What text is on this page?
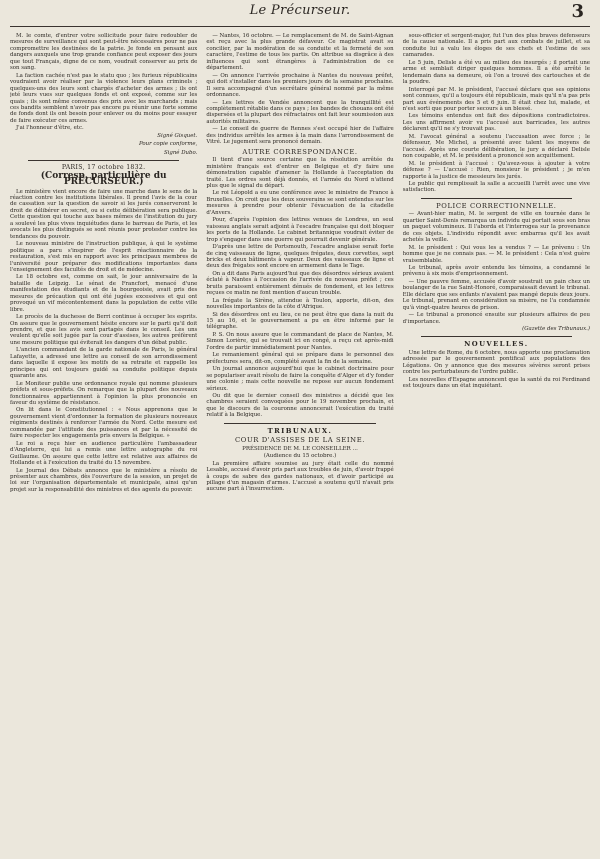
Le Précurseur.	3

M. le comte, d'entrer votre sollicitude pour faire redoubler de mesures de surveillance qui sont peut-être nécessaires pour ne pas compromettre les destinées de la patrie. Je fonde en pensant aux dangers auxquels une trop grande confiance peut exposer des jours que tout Français, digne de ce nom, voudrait conserver au prix de son sang.

La faction cachée n'est pas le statu quo ; les furieux républicains voudraient avoir réaliser par la violence leurs plans criminels ; quelques-uns des leurs sont chargés d'acheter des armes ; ils ont jeté leurs vues sur quelques fonds et ont exposé, comme sur les quais ; ils sont même convenus des prix avec les marchands ; mais ces bandits semblent n'avoir pas encore pu réunir une forte somme de fonds dont ils ont besoin pour enlever ou du moins pour essayer de faire exécuter ces armes.

J'ai l'honneur d'être, etc.

Signé Gisquet.
Pour copie conforme,
Signé Dubo.
PARIS, 17 octobre 1832.
(Corresp. particulière du PRÉCURSEUR.)

Le ministère vient encore de faire une marche dans le sens de la réaction contre les institutions libérales. Il prend l'avis de la cour de cassation sur la question de savoir si les jurés conserveront le droit de délibérer en secret, ou si cette délibération sera publique. Cette question qui touche aux bases mêmes de l'institution du jury a soulevé les plus vives inquiétudes dans le barreau de Paris, et les avocats les plus distingués se sont réunis pour protester contre les tendances du pouvoir.

Le nouveau ministre de l'instruction publique, à qui le système politique a paru s'inspirer de l'esprit réactionnaire de la restauration, s'est mis en rapport avec les principaux membres de l'université pour préparer des modifications importantes dans l'enseignement des facultés de droit et de médecine.

Le 18 octobre est, comme on sait, le jour anniversaire de la bataille de Leipzig. Le sénat de Francfort, menacé d'une manifestation des étudiants et de la bourgeoisie, avait pris des mesures de précaution qui ont été jugées excessives et qui ont provoqué un vif mécontentement dans la population de cette ville libre.

Le procès de la duchesse de Berri continue à occuper les esprits. On assure que le gouvernement hésite encore sur le parti qu'il doit prendre, et que les avis sont partagés dans le conseil. Les uns veulent qu'elle soit jugée par la cour d'assises, les autres préfèrent une mesure politique qui éviterait les dangers d'un débat public.

L'ancien commandant de la garde nationale de Paris, le général Lafayette, a adressé une lettre au conseil de son arrondissement dans laquelle il expose les motifs de sa retraite et rappelle les principes qui ont toujours guidé sa conduite politique depuis quarante ans.

Le Moniteur publie une ordonnance royale qui nomme plusieurs préfets et sous-préfets. On remarque que la plupart des nouveaux fonctionnaires appartiennent à l'opinion la plus prononcée en faveur du système de résistance.

On lit dans le Constitutionnel : « Nous apprenons que le gouvernement vient d'ordonner la formation de plusieurs nouveaux régiments destinés à renforcer l'armée du Nord. Cette mesure est commandée par l'attitude des puissances et par la nécessité de faire respecter les engagements pris envers la Belgique. »

Le roi a reçu hier en audience particulière l'ambassadeur d'Angleterre, qui lui a remis une lettre autographe du roi Guillaume. On assure que cette lettre est relative aux affaires de Hollande et à l'exécution du traité du 15 novembre.

Le Journal des Débats annonce que le ministère a résolu de présenter aux chambres, dès l'ouverture de la session, un projet de loi sur l'organisation départementale et municipale, ainsi qu'un projet sur la responsabilité des ministres et des agents du pouvoir.

— Nantes, 16 octobre. — Le remplacement de M. de Saint-Aignan est reçu avec la plus grande défaveur. Ce magistrat avait su concilier, par la modération de sa conduite et la fermeté de son caractère, l'estime de tous les partis. On attribue sa disgrâce à des influences qui sont étrangères à l'administration de ce département.

— On annonce l'arrivée prochaine à Nantes du nouveau préfet, qui doit s'installer dans les premiers jours de la semaine prochaine. Il sera accompagné d'un secrétaire général nommé par la même ordonnance.

— Les lettres de Vendée annoncent que la tranquillité est complètement rétablie dans ce pays ; les bandes de chouans ont été dispersées et la plupart des réfractaires ont fait leur soumission aux autorités militaires.

— Le conseil de guerre de Rennes s'est occupé hier de l'affaire des individus arrêtés les armes à la main dans l'arrondissement de Vitré. Le jugement sera prononcé demain.

AUTRE CORRESPONDANCE.

Il tient d'une source certaine que la résolution arrêtée du ministère français est d'entrer en Belgique et d'y faire une démonstration capable d'amener la Hollande à l'acceptation du traité. Les ordres sont déjà donnés, et l'armée du Nord n'attend plus que le signal du départ.

Le roi Léopold a eu une conférence avec le ministre de France à Bruxelles. On croit que les deux souverains se sont entendus sur les mesures à prendre pour obtenir l'évacuation de la citadelle d'Anvers.

Pour, d'après l'opinion des lettres venues de Londres, un seul vaisseau anglais serait adjoint à l'escadre française qui doit bloquer les ports de la Hollande. Le cabinet britannique voudrait éviter de trop s'engager dans une guerre qui pourrait devenir générale.

D'après une lettre de Portsmouth, l'escadre anglaise serait forte de cinq vaisseaux de ligne, quelques frégates, deux corvettes, sept bricks et deux bâtiments à vapeur. Deux des vaisseaux de ligne et deux des frégates sont encore en armement dans le Tage.

On a dit dans Paris aujourd'hui que des désordres sérieux avaient éclaté à Nantes à l'occasion de l'arrivée du nouveau préfet ; ces bruits paraissent entièrement dénués de fondement, et les lettres reçues ce matin ne font mention d'aucun trouble.

La frégate la Sirène, attendue à Toulon, apporte, dit-on, des nouvelles importantes de la côte d'Afrique.

Si des désordres ont eu lieu, ce ne peut être que dans la nuit du 15 au 16, et le gouvernement a pu en être informé par le télégraphe.

P. S. On nous assure que le commandant de place de Nantes, M. Simon Lorière, qui se trouvait ici en congé, a reçu cet après-midi l'ordre de partir immédiatement pour Nantes.

Le remaniement général qui se prépare dans le personnel des préfectures sera, dit-on, complété avant la fin de la semaine.

Un journal annonce aujourd'hui que le cabinet doctrinaire pour se populariser avait résolu de faire la conquête d'Alger et d'y fonder une colonie ; mais cette nouvelle ne repose sur aucun fondement sérieux.

Ou dit que le dernier conseil des ministres a décidé que les chambres seraient convoquées pour le 19 novembre prochain, et que le discours de la couronne annoncerait l'exécution du traité relatif à la Belgique.

TRIBUNAUX.
COUR D'ASSISES DE LA SEINE.
PRÉSIDENCE DE M. LE CONSEILLER ...
(Audience du 15 octobre.)

La première affaire soumise au jury était celle du nommé Lesable, accusé d'avoir pris part aux troubles de juin, d'avoir frappé à coups de sabre des gardes nationaux, et d'avoir participé au pillage d'un magasin d'armes. L'accusé a soutenu qu'il n'avait pris aucune part à l'insurrection.

sous-officier et sergent-major, fut l'un des plus braves défenseurs de la cause nationale. Il a pris part aux combats de juillet, et sa conduite lui a valu les éloges de ses chefs et l'estime de ses camarades.

Le 5 juin, Delisle a été vu au milieu des insurgés ; il portait une arme et semblait diriger quelques hommes. Il a été arrêté le lendemain dans sa demeure, où l'on a trouvé des cartouches et de la poudre.

Interrogé par M. le président, l'accusé déclare que ses opinions sont connues, qu'il a toujours été républicain, mais qu'il n'a pas pris part aux événements des 5 et 6 juin. Il était chez lui, malade, et n'est sorti que pour porter secours à un blessé.

Les témoins entendus ont fait des dépositions contradictoires. Les uns affirment avoir vu l'accusé aux barricades, les autres déclarent qu'il ne s'y trouvait pas.

M. l'avocat général a soutenu l'accusation avec force ; le défenseur, Me Michel, a présenté avec talent les moyens de l'accusé. Après une courte délibération, le jury a déclaré Delisle non coupable, et M. le président a prononcé son acquittement.

M. le président à l'accusé : Qu'avez-vous à ajouter à votre défense ? — L'accusé : Rien, monsieur le président ; je m'en rapporte à la justice de messieurs les jurés.

Le public qui remplissait la salle a accueilli l'arrêt avec une vive satisfaction.

POLICE CORRECTIONNELLE.

— Avant-hier matin, M. le sergent de ville en tournée dans le quartier Saint-Denis remarqua un individu qui portait sous son bras un paquet volumineux. Il l'aborda et l'interrogea sur la provenance de ces objets. L'individu répondit avec embarras qu'il les avait achetés la veille.

M. le président : Qui vous les a vendus ? — Le prévenu : Un homme que je ne connais pas. — M. le président : Cela n'est guère vraisemblable.

Le tribunal, après avoir entendu les témoins, a condamné le prévenu à six mois d'emprisonnement.

— Une pauvre femme, accusée d'avoir soustrait un pain chez un boulanger de la rue Saint-Honoré, comparaissait devant le tribunal. Elle déclare que ses enfants n'avaient pas mangé depuis deux jours. Le tribunal, prenant en considération sa misère, ne l'a condamnée qu'à vingt-quatre heures de prison.

— Le tribunal a prononcé ensuite sur plusieurs affaires de peu d'importance.

(Gazette des Tribunaux.)
NOUVELLES.

Une lettre de Rome, du 6 octobre, nous apporte une proclamation adressée par le gouvernement pontifical aux populations des Légations. On y annonce que des mesures sévères seront prises contre les perturbateurs de l'ordre public.

Les nouvelles d'Espagne annoncent que la santé du roi Ferdinand est toujours dans un état inquiétant.
